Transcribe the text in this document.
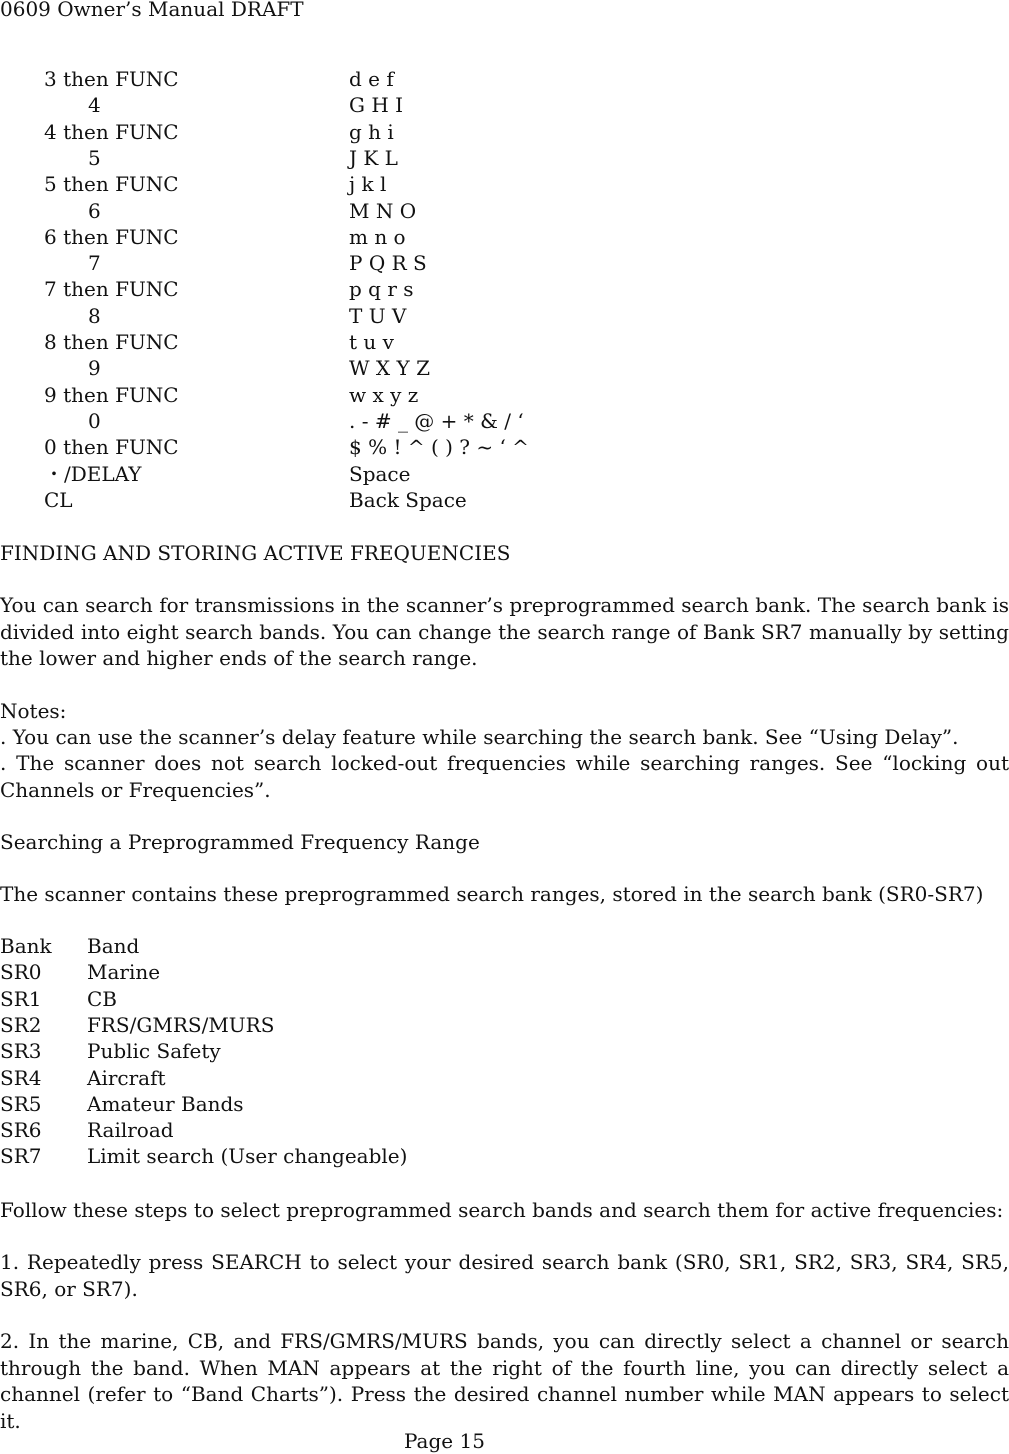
0609 Owner’s Manual DRAFT
3 then FUNC	d e f
4	G H I
4 then FUNC	g h i
5	J K L
5 then FUNC	j k l
6	M N O
6 then FUNC	m n o
7	P Q R S
7 then FUNC	p q r s
8	T U V
8 then FUNC	t u v
9	W X Y Z
9 then FUNC	w x y z
0	. - # _ @ + * & / ‘
0 then FUNC	$ % ! ^ ( ) ? ~ ‘ ^
・/DELAY	Space
CL	Back Space
FINDING AND STORING ACTIVE FREQUENCIES
You can search for transmissions in the scanner’s preprogrammed search bank. The search bank is divided into eight search bands. You can change the search range of Bank SR7 manually by setting the lower and higher ends of the search range.
Notes:
. You can use the scanner’s delay feature while searching the search bank. See “Using Delay”.
. The scanner does not search locked-out frequencies while searching ranges. See “locking out Channels or Frequencies”.
Searching a Preprogrammed Frequency Range
The scanner contains these preprogrammed search ranges, stored in the search bank (SR0-SR7)
Bank Band
SR0 Marine
SR1 CB
SR2 FRS/GMRS/MURS
SR3 Public Safety
SR4 Aircraft
SR5 Amateur Bands
SR6 Railroad
SR7 Limit search (User changeable)
Follow these steps to select preprogrammed search bands and search them for active frequencies:
1. Repeatedly press SEARCH to select your desired search bank (SR0, SR1, SR2, SR3, SR4, SR5, SR6, or SR7).
2. In the marine, CB, and FRS/GMRS/MURS bands, you can directly select a channel or search through the band. When MAN appears at the right of the fourth line, you can directly select a channel (refer to “Band Charts”). Press the desired channel number while MAN appears to select it.
Page 15
